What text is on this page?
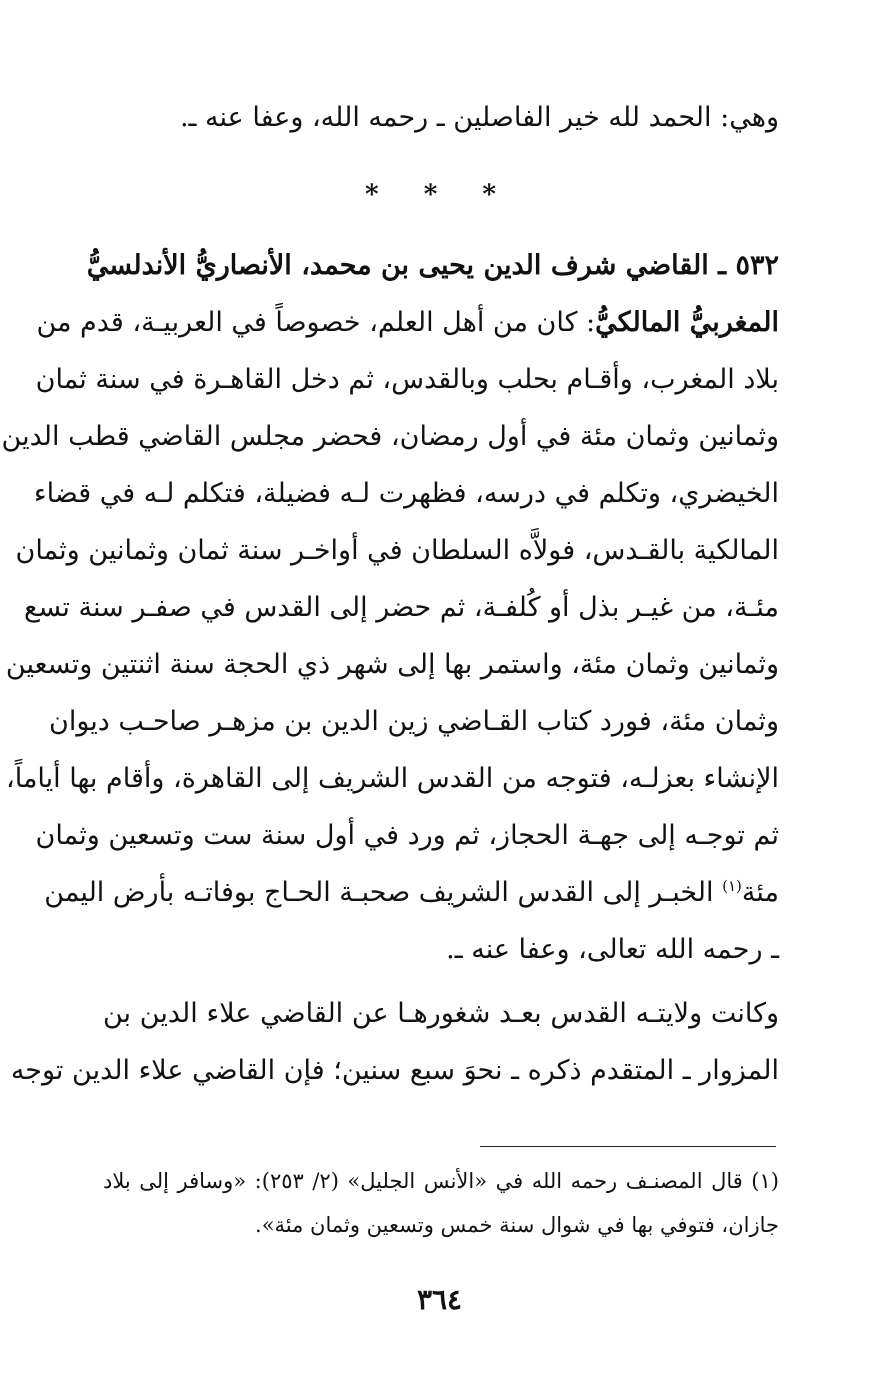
وهي: الحمد لله خير الفاصلين ـ رحمه الله، وعفا عنه ـ.
* * *
٥٣٢ ـ القاضي شرف الدين يحيى بن محمد، الأنصاريُّ الأندلسيُّ
المغربيُّ المالكيُّ: كان من أهل العلم، خصوصاً في العربيـة، قدم من
بلاد المغرب، وأقـام بحلب وبالقدس، ثم دخل القاهـرة في سنة ثمان
وثمانين وثمان مئة في أول رمضان، فحضر مجلس القاضي قطب الدين
الخيضري، وتكلم في درسه، فظهرت لـه فضيلة، فتكلم لـه في قضاء
المالكية بالقـدس، فولاَّه السلطان في أواخـر سنة ثمان وثمانين وثمان
مئـة، من غيـر بذل أو كُلفـة، ثم حضر إلى القدس في صفـر سنة تسع
وثمانين وثمان مئة، واستمر بها إلى شهر ذي الحجة سنة اثنتين وتسعين
وثمان مئة، فورد كتاب القـاضي زين الدين بن مزهـر صاحـب ديوان
الإنشاء بعزلـه، فتوجه من القدس الشريف إلى القاهرة، وأقام بها أياماً،
ثم توجـه إلى جهـة الحجاز، ثم ورد في أول سنة ست وتسعين وثمان
مئة$^{(١)}$ الخبـر إلى القدس الشريف صحبـة الحـاج بوفاتـه بأرض اليمن
ـ رحمه الله تعالى، وعفا عنه ـ.
وكانت ولايتـه القدس بعـد شغورهـا عن القاضي علاء الدين بن
المزوار ـ المتقدم ذكره ـ نحوَ سبع سنين؛ فإن القاضي علاء الدين توجه
(١) قال المصنـف رحمه الله في «الأنس الجليل» (٢/ ٢٥٣): «وسافر إلى بلاد
جازان، فتوفي بها في شوال سنة خمس وتسعين وثمان مئة».
٣٦٤
